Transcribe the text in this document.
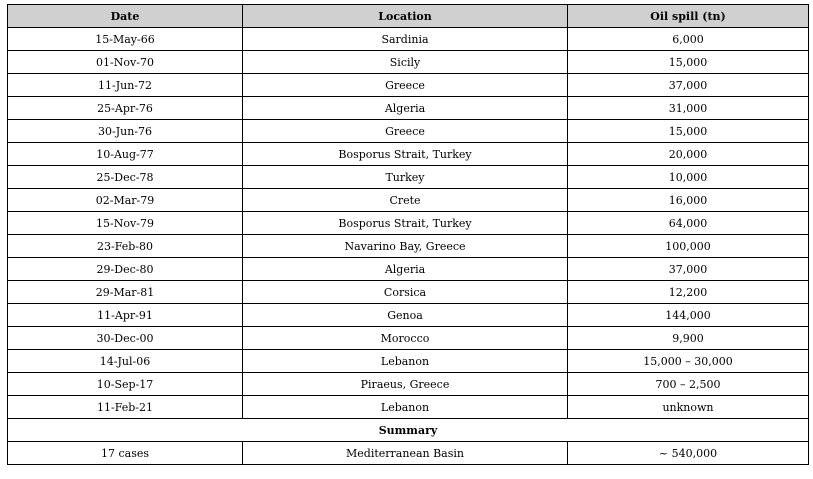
Date	Location	Oil spill (tn)
15-May-66	Sardinia	6,000
01-Nov-70	Sicily	15,000
11-Jun-72	Greece	37,000
25-Apr-76	Algeria	31,000
30-Jun-76	Greece	15,000
10-Aug-77	Bosporus Strait, Turkey	20,000
25-Dec-78	Turkey	10,000
02-Mar-79	Crete	16,000
15-Nov-79	Bosporus Strait, Turkey	64,000
23-Feb-80	Navarino Bay, Greece	100,000
29-Dec-80	Algeria	37,000
29-Mar-81	Corsica	12,200
11-Apr-91	Genoa	144,000
30-Dec-00	Morocco	9,900
14-Jul-06	Lebanon	15,000 – 30,000
10-Sep-17	Piraeus, Greece	700 – 2,500
11-Feb-21	Lebanon	unknown
Summary		
17 cases	Mediterranean Basin	~ 540,000
